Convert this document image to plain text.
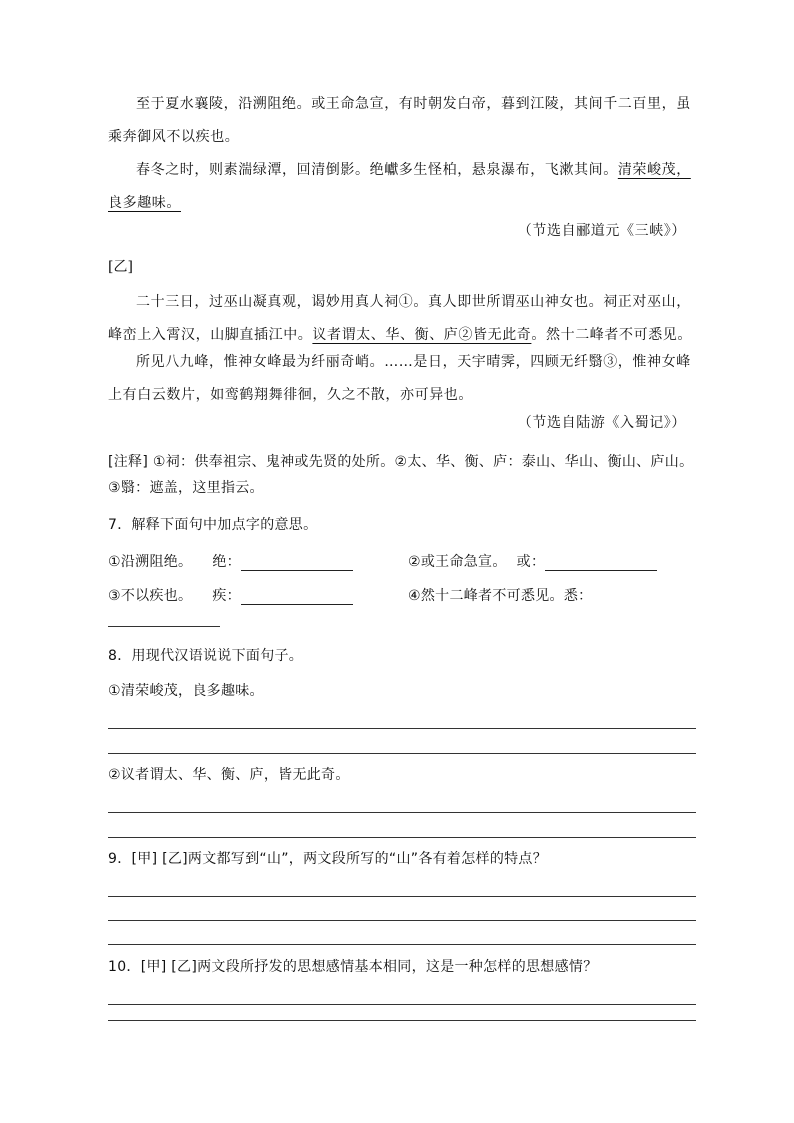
至于夏水襄陵，沿溯阻绝。或王命急宣，有时朝发白帝，暮到江陵，其间千二百里，虽乘奔御风不以疾也。

春冬之时，则素湍绿潭，回清倒影。绝巘多生怪柏，悬泉瀑布，飞漱其间。清荣峻茂，良多趣味。

（节选自郦道元《三峡》）

[乙]

二十三日，过巫山凝真观，谒妙用真人祠①。真人即世所谓巫山神女也。祠正对巫山，峰峦上入霄汉，山脚直插江中。议者谓太、华、衡、庐②皆无此奇。然十二峰者不可悉见。

所见八九峰，惟神女峰最为纤丽奇峭。……是日，天宇晴霁，四顾无纤翳③，惟神女峰上有白云数片，如鸾鹤翔舞徘徊，久之不散，亦可异也。

（节选自陆游《入蜀记》）

[注释] ①祠：供奉祖宗、鬼神或先贤的处所。②太、华、衡、庐：泰山、华山、衡山、庐山。

③翳：遮盖，这里指云。

7．解释下面句中加点字的意思。

①沿溯阻绝。 绝：	②或王命急宣。 或：

③不以疾也。 疾：	④然十二峰者不可悉见。悉：

8．用现代汉语说说下面句子。

①清荣峻茂，良多趣味。

②议者谓太、华、衡、庐，皆无此奇。

9．[甲] [乙]两文都写到“山”，两文段所写的“山”各有着怎样的特点？

10．[甲] [乙]两文段所抒发的思想感情基本相同，这是一种怎样的思想感情？
